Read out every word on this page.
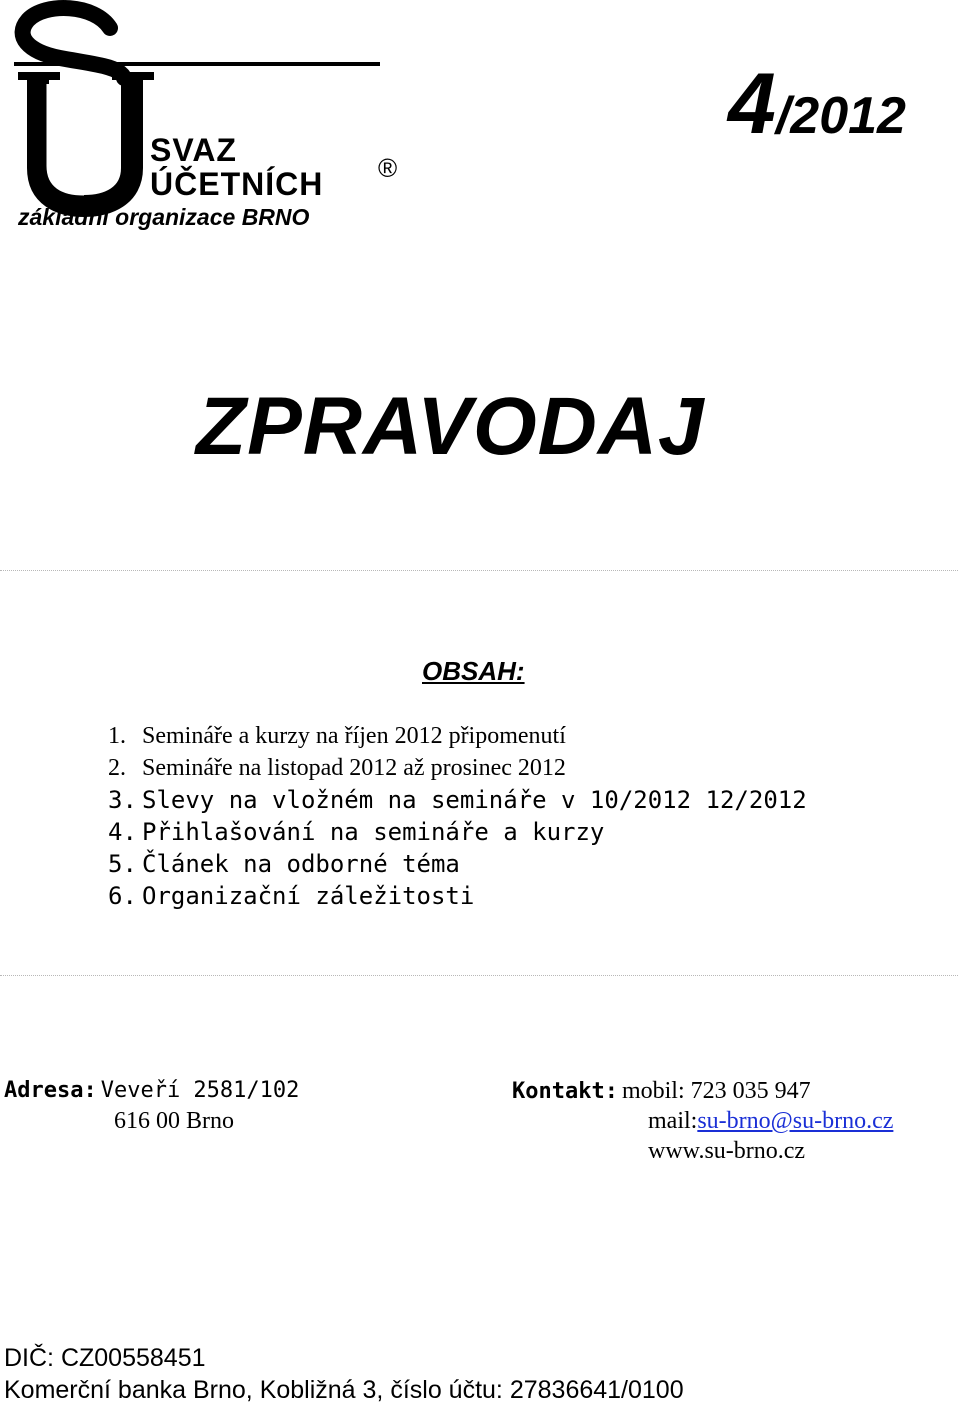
SVAZ
ÚČETNÍCH ®
základní organizace BRNO
4/2012
ZPRAVODAJ
OBSAH:
1. Semináře a kurzy na říjen 2012 připomenutí
2. Semináře na listopad 2012 až prosinec 2012
3. Slevy na vložném na semináře v 10/2012 12/2012
4. Přihlašování na semináře a kurzy
5. Článek na odborné téma
6. Organizační záležitosti
Adresa: Veveří 2581/102
616 00 Brno
Kontakt: mobil: 723 035 947
mail:su-brno@su-brno.cz
www.su-brno.cz
DIČ: CZ00558451
Komerční banka Brno, Kobližná 3, číslo účtu: 27836641/0100
